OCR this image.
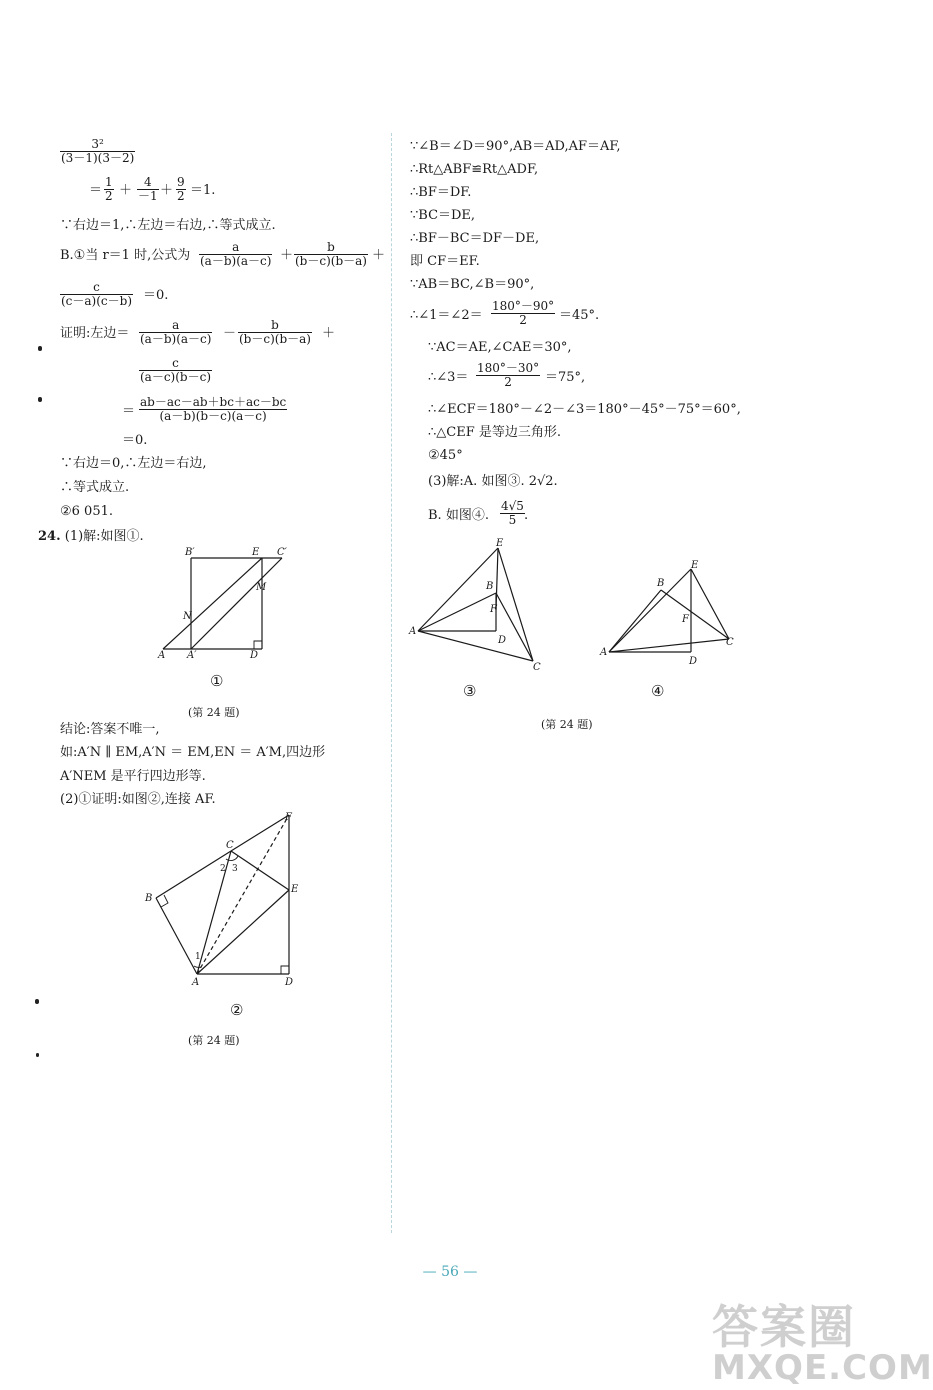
$\frac{\text{3²}}{(3-1)(3-2)}$
＝ $\frac{1}{2} + \frac{4}{-1} + \frac{9}{2} =1$.
∵右边＝1,∴左边＝右边,∴等式成立.
B.①当 r＝1 时,公式为 $\frac{a}{(a-b)(a-c)} + \frac{b}{(b-c)(b-a)}$ ＋
$\frac{c}{(c-a)(c-b)} =0$.
证明:左边＝ $\frac{a}{(a-b)(a-c)} - \frac{b}{(b-c)(b-a)}$ ＋
$\frac{c}{(a-c)(b-c)}$
＝ $\frac{ab-ac-ab+bc+ac-bc}{(a-b)(b-c)(a-c)}$
＝0.
∵右边＝0,∴左边＝右边,
∴等式成立.
②6 051.
24. (1)解:如图①.
A A′	D
B′	E C′
M
N
①
(第 24 题)
结论:答案不唯一,
如:A′N ∥ EM,A′N ＝ EM,EN ＝ A′M,四边形
A′NEM 是平行四边形等.
(2)①证明:如图②,连接 AF.
A
B
C
D
E
F
1
2 3
②
(第 24 题)
∵∠B＝∠D＝90°,AB＝AD,AF＝AF,
∴Rt△ABF≌Rt△ADF,
∴BF＝DF.
∵BC＝DE,
∴BF－BC＝DF－DE,
即 CF＝EF.
∵AB＝BC,∠B＝90°,
∴∠1＝∠2＝ $\frac{180^\circ-90^\circ}{2} =45^\circ$.
∵AC＝AE,∠CAE＝30°,
∴∠3＝ $\frac{180^\circ-30^\circ}{2} =75^\circ$,
∴∠ECF＝180°－∠2－∠3＝180°－45°－75°＝60°,
∴△CEF 是等边三角形.
②45°
(3)解:A. 如图③. 2√2.
B. 如图④. $\frac{4√5}{5}$ .
A
B
C
D
E
F
③
A
B
C
D
E
F
④
(第 24 题)
— 56 —
答案圈
MXQE.COM
